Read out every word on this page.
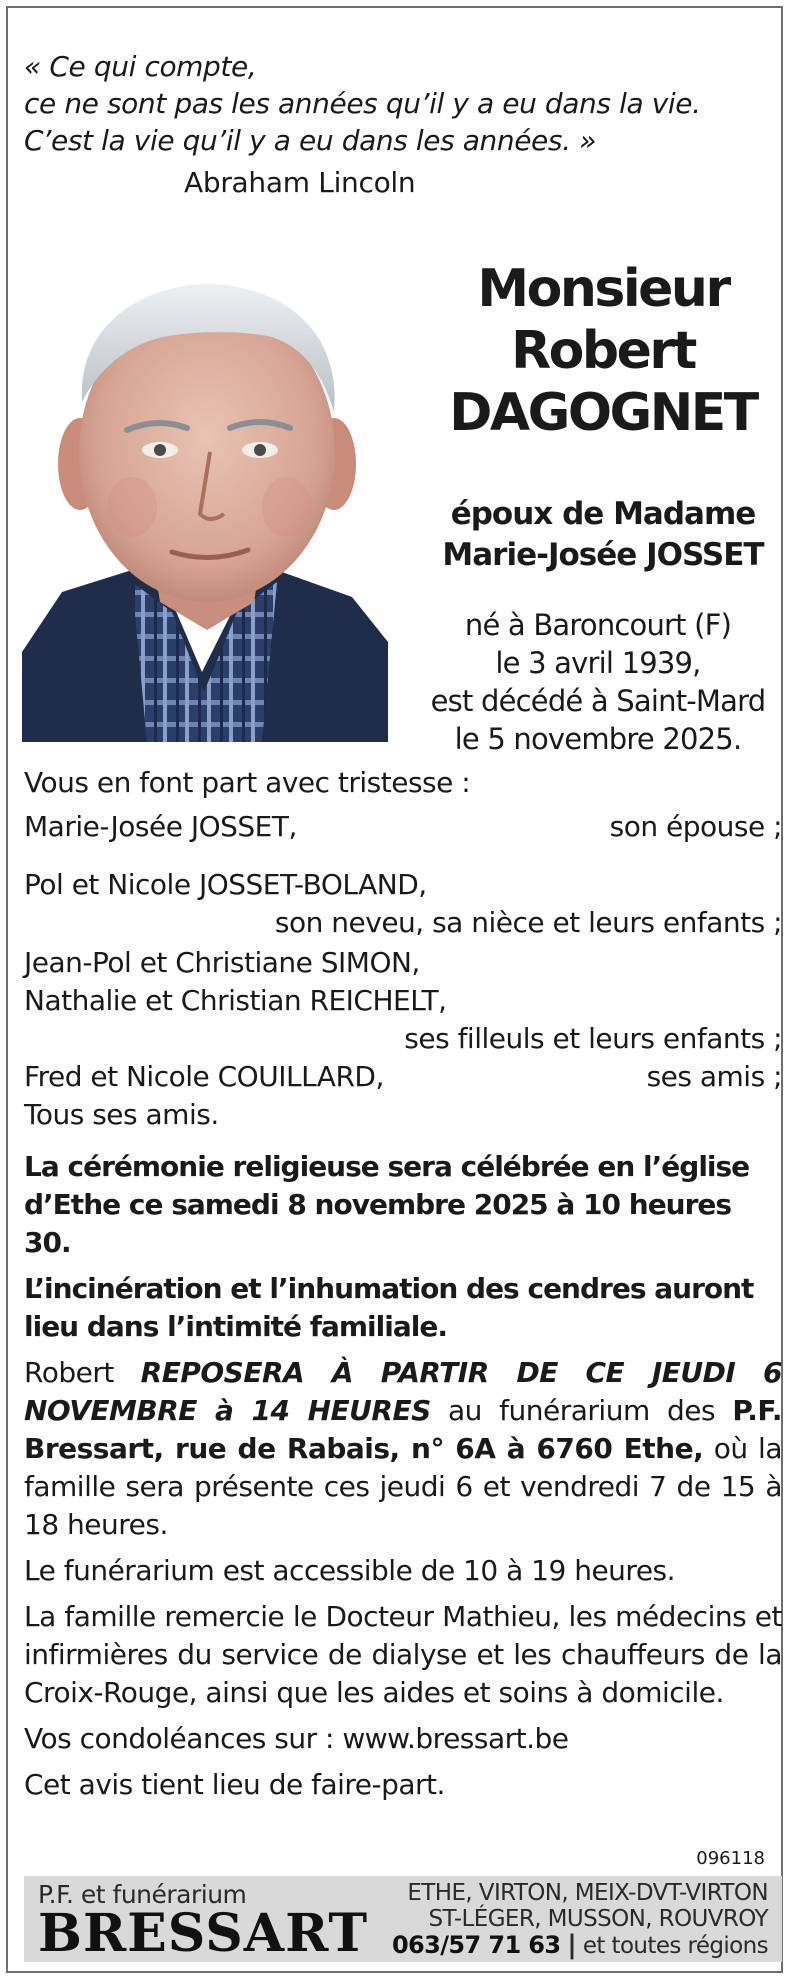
« Ce qui compte,
ce ne sont pas les années qu’il y a eu dans la vie.
C’est la vie qu’il y a eu dans les années. »
Abraham Lincoln
Monsieur
Robert
DAGOGNET
époux de Madame
Marie-Josée JOSSET
né à Baroncourt (F)
le 3 avril 1939,
est décédé à Saint-Mard
le 5 novembre 2025.
Vous en font part avec tristesse :
Marie-Josée JOSSET,	son épouse ;
Pol et Nicole JOSSET-BOLAND,
son neveu, sa nièce et leurs enfants ;
Jean-Pol et Christiane SIMON,
Nathalie et Christian REICHELT,
ses filleuls et leurs enfants ;
Fred et Nicole COUILLARD,	ses amis ;
Tous ses amis.
La cérémonie religieuse sera célébrée en l’église d’Ethe ce samedi 8 novembre 2025 à 10 heures 30.
L’incinération et l’inhumation des cendres auront lieu dans l’intimité familiale.
Robert REPOSERA À PARTIR DE CE JEUDI 6 NOVEMBRE à 14 HEURES au funérarium des P.F. Bressart, rue de Rabais, n° 6A à 6760 Ethe, où la famille sera présente ces jeudi 6 et vendredi 7 de 15 à 18 heures.
Le funérarium est accessible de 10 à 19 heures.
La famille remercie le Docteur Mathieu, les médecins et infirmières du service de dialyse et les chauffeurs de la Croix-Rouge, ainsi que les aides et soins à domicile.
Vos condoléances sur : www.bressart.be
Cet avis tient lieu de faire-part.
096118
P.F. et funérarium
BRESSART
ETHE, VIRTON, MEIX-DVT-VIRTON
ST-LÉGER, MUSSON, ROUVROY
063/57 71 63 | et toutes régions
